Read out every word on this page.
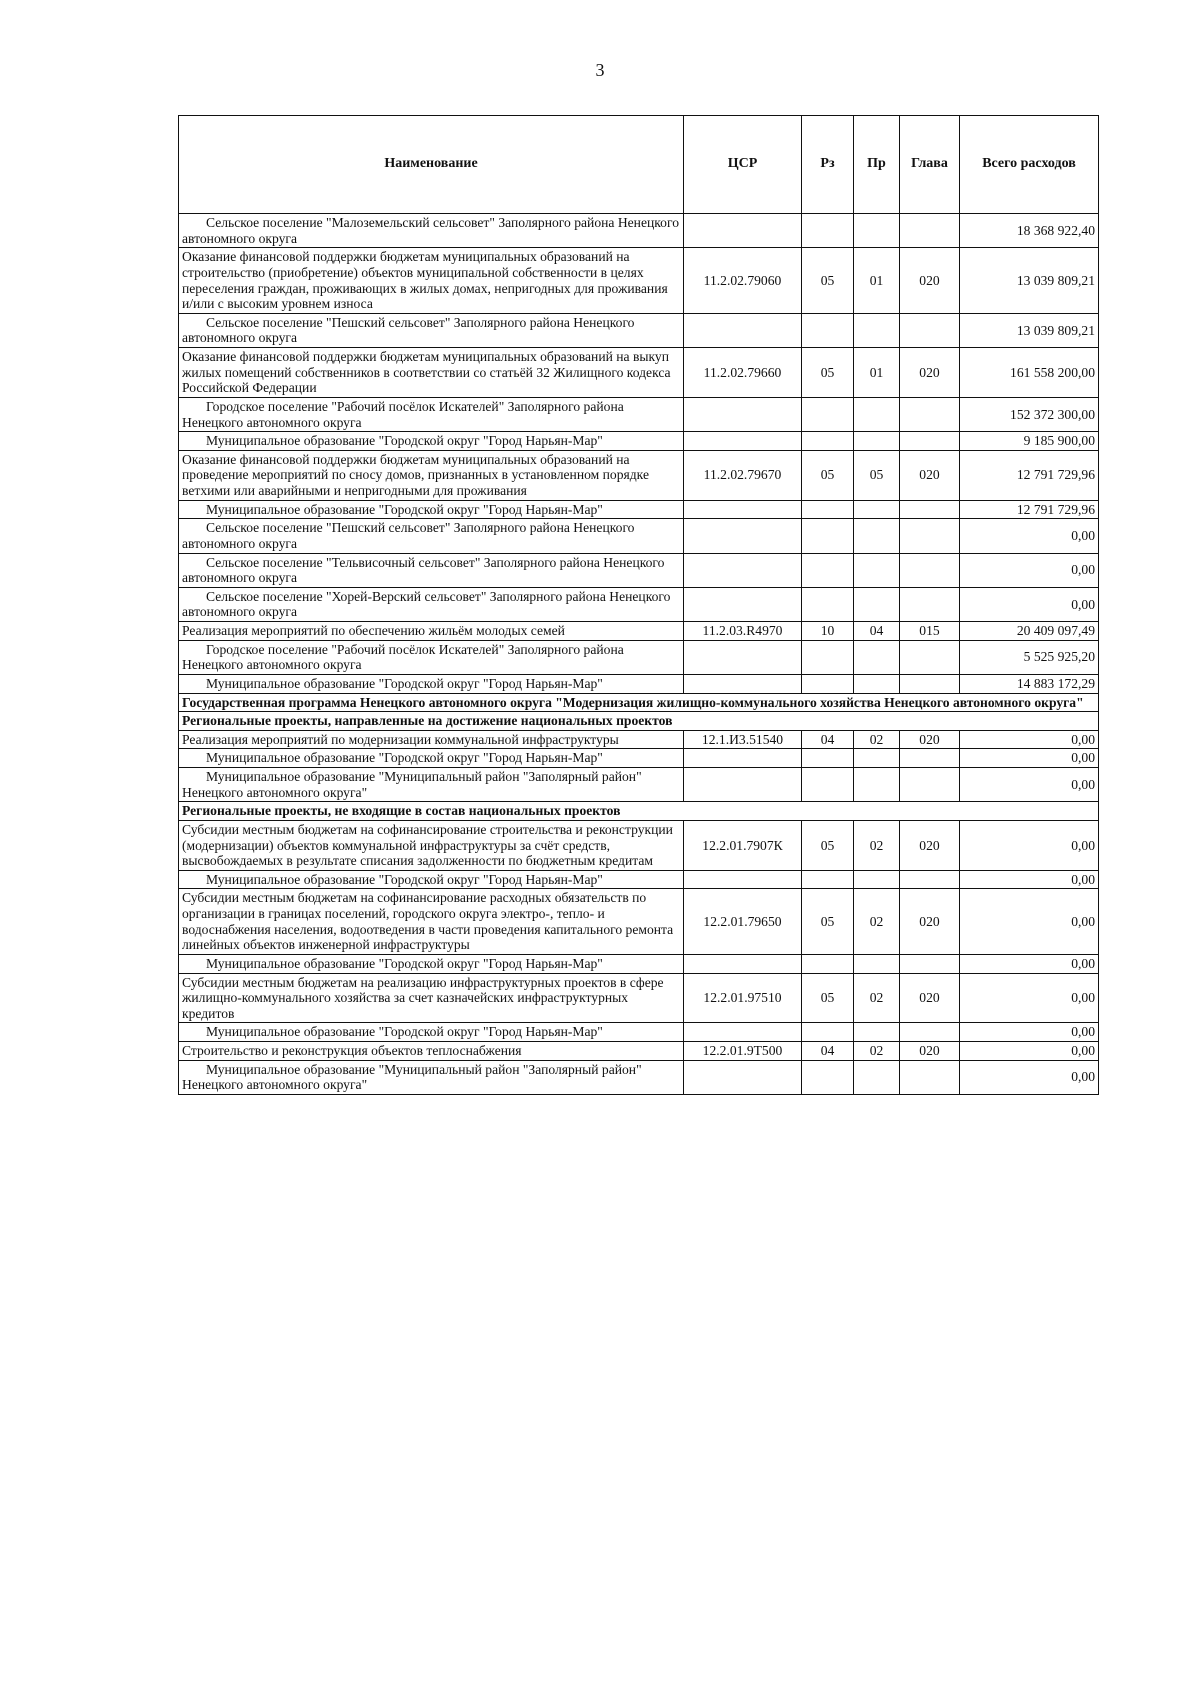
3
Наименование	ЦСР	Рз	Пр	Глава	Всего расходов
Сельское поселение "Малоземельский сельсовет" Заполярного района Ненецкого автономного округа					18 368 922,40
Оказание финансовой поддержки бюджетам муниципальных образований на строительство (приобретение) объектов муниципальной собственности в целях переселения граждан, проживающих в жилых домах, непригодных для проживания и/или с высоким уровнем износа	11.2.02.79060	05	01	020	13 039 809,21
Сельское поселение "Пешский сельсовет" Заполярного района Ненецкого автономного округа					13 039 809,21
Оказание финансовой поддержки бюджетам муниципальных образований на выкуп жилых помещений собственников в соответствии со статьёй 32 Жилищного кодекса Российской Федерации	11.2.02.79660	05	01	020	161 558 200,00
Городское поселение "Рабочий посёлок Искателей" Заполярного района Ненецкого автономного округа					152 372 300,00
Муниципальное образование "Городской округ "Город Нарьян-Мар"					9 185 900,00
Оказание финансовой поддержки бюджетам муниципальных образований на проведение мероприятий по сносу домов, признанных в установленном порядке ветхими или аварийными и непригодными для проживания	11.2.02.79670	05	05	020	12 791 729,96
Муниципальное образование "Городской округ "Город Нарьян-Мар"					12 791 729,96
Сельское поселение "Пешский сельсовет" Заполярного района Ненецкого автономного округа					0,00
Сельское поселение "Тельвисочный сельсовет" Заполярного района Ненецкого автономного округа					0,00
Сельское поселение "Хорей-Верский сельсовет" Заполярного района Ненецкого автономного округа					0,00
Реализация мероприятий по обеспечению жильём молодых семей	11.2.03.R4970	10	04	015	20 409 097,49
Городское поселение "Рабочий посёлок Искателей" Заполярного района Ненецкого автономного округа					5 525 925,20
Муниципальное образование "Городской округ "Город Нарьян-Мар"					14 883 172,29
Государственная программа Ненецкого автономного округа "Модернизация жилищно-коммунального хозяйства Ненецкого автономного округа"					
Региональные проекты, направленные на достижение национальных проектов					
Реализация мероприятий по модернизации коммунальной инфраструктуры	12.1.И3.51540	04	02	020	0,00
Муниципальное образование "Городской округ "Город Нарьян-Мар"					0,00
Муниципальное образование "Муниципальный район "Заполярный район" Ненецкого автономного округа"					0,00
Региональные проекты, не входящие в состав национальных проектов					
Субсидии местным бюджетам на софинансирование строительства и реконструкции (модернизации) объектов коммунальной инфраструктуры за счёт средств, высвобождаемых в результате списания задолженности по бюджетным кредитам	12.2.01.7907К	05	02	020	0,00
Муниципальное образование "Городской округ "Город Нарьян-Мар"					0,00
Субсидии местным бюджетам на софинансирование расходных обязательств по организации в границах поселений, городского округа электро-, тепло- и водоснабжения населения, водоотведения в части проведения капитального ремонта линейных объектов инженерной инфраструктуры	12.2.01.79650	05	02	020	0,00
Муниципальное образование "Городской округ "Город Нарьян-Мар"					0,00
Субсидии местным бюджетам на реализацию инфраструктурных проектов в сфере жилищно-коммунального хозяйства за счет казначейских инфраструктурных кредитов	12.2.01.97510	05	02	020	0,00
Муниципальное образование "Городской округ "Город Нарьян-Мар"					0,00
Строительство и реконструкция объектов теплоснабжения	12.2.01.9Т500	04	02	020	0,00
Муниципальное образование "Муниципальный район "Заполярный район" Ненецкого автономного округа"					0,00
